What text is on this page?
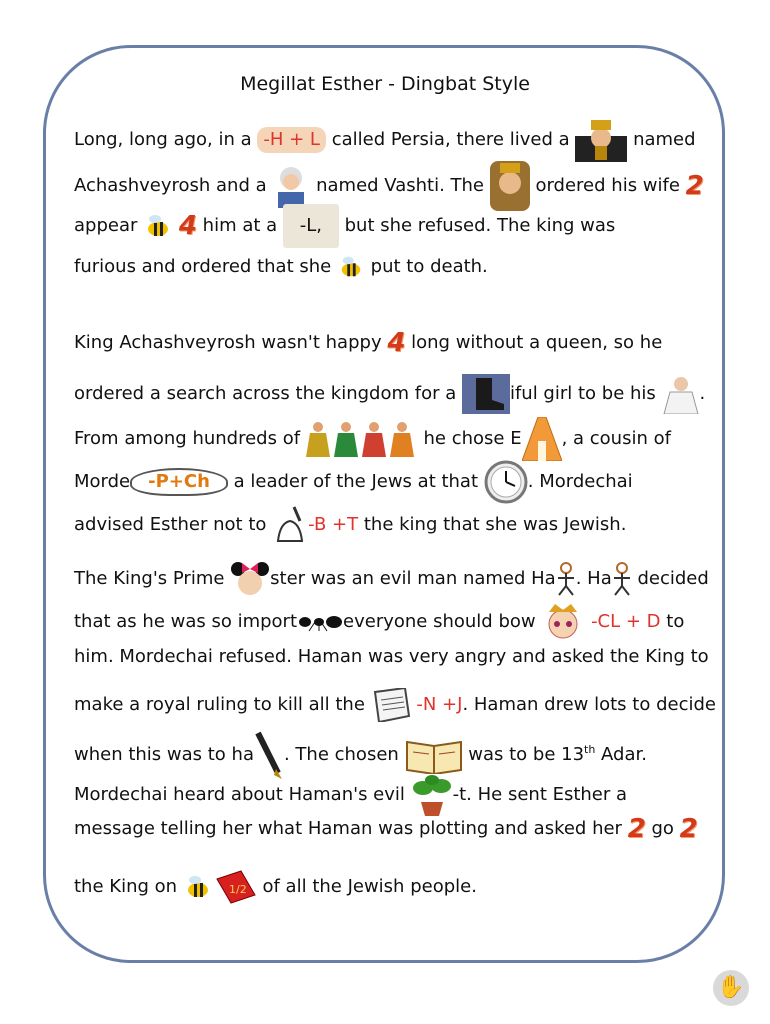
Megillat Esther - Dingbat Style
Long, long ago, in a -H + L called Persia, there lived a	named
Achashveyrosh and a  named Vashti. The  ordered his wife 2
appear  4 him at a -L, but she refused. The king was
furious and ordered that she  put to death.
King Achashveyrosh wasn't happy 4 long without a queen, so he
ordered a search across the kingdom for a	iful girl to be his .
From among hundreds of	he chose E , a cousin of
Morde -P+Ch a leader of the Jews at that . Mordechai
advised Esther not to -B +T the king that she was Jewish.
The King's Prime ster was an evil man named Ha . Ha decided
that as he was so import	everyone should bow	-CL + D to
him. Mordechai refused. Haman was very angry and asked the King to
make a royal ruling to kill all the	-N +J. Haman drew lots to decide
when this was to ha . The chosen	was to be 13th Adar.
Mordechai heard about Haman's evil -t. He sent Esther a
message telling her what Haman was plotting and asked her 2 go 2
the King on	1/2 of all the Jewish people.
✋
